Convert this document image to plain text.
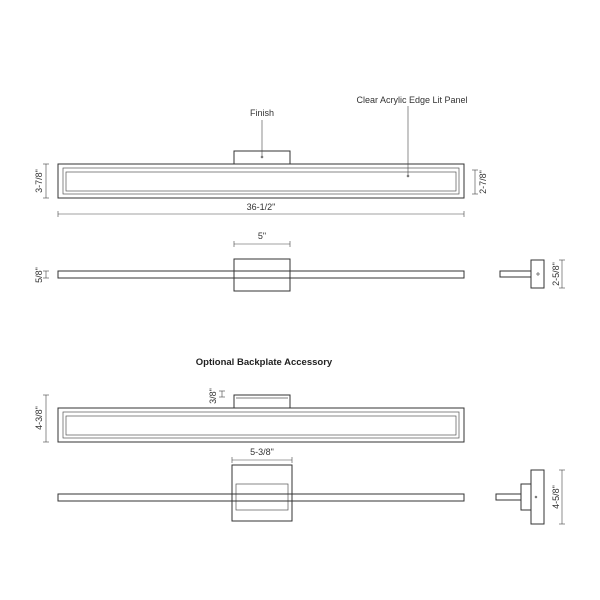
Finish
Clear Acrylic Edge Lit Panel
3-7/8"	2-7/8"
36-1/2"
5"
5/8"	2-5/8"
Optional Backplate Accessory
4-3/8"
3/8"
5-3/8"
4-5/8"
